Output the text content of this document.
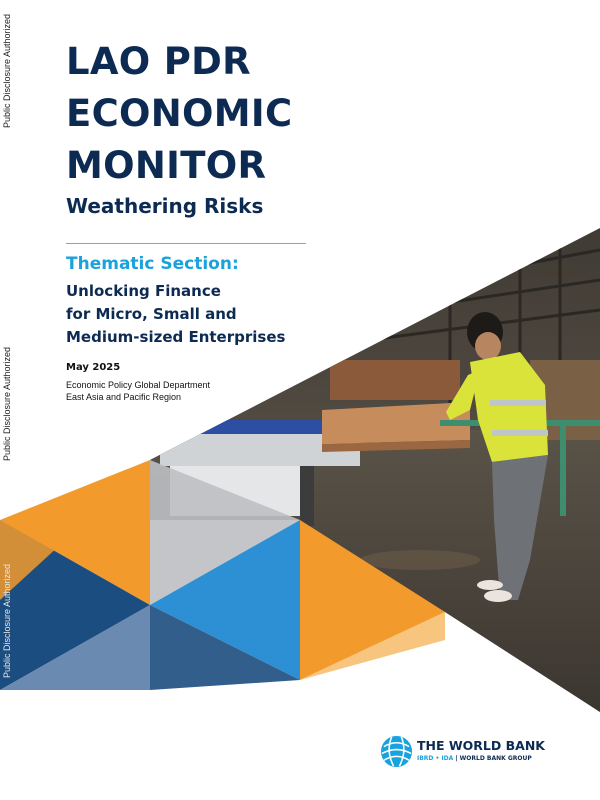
Public Disclosure Authorized
Public Disclosure Authorized
Public Disclosure Authorized
LAO PDR
ECONOMIC
MONITOR
Weathering Risks
Thematic Section:
Unlocking Finance
for Micro, Small and
Medium-sized Enterprises
May 2025
Economic Policy Global Department
East Asia and Pacific Region
THE WORLD BANK
IBRD • IDA | WORLD BANK GROUP
